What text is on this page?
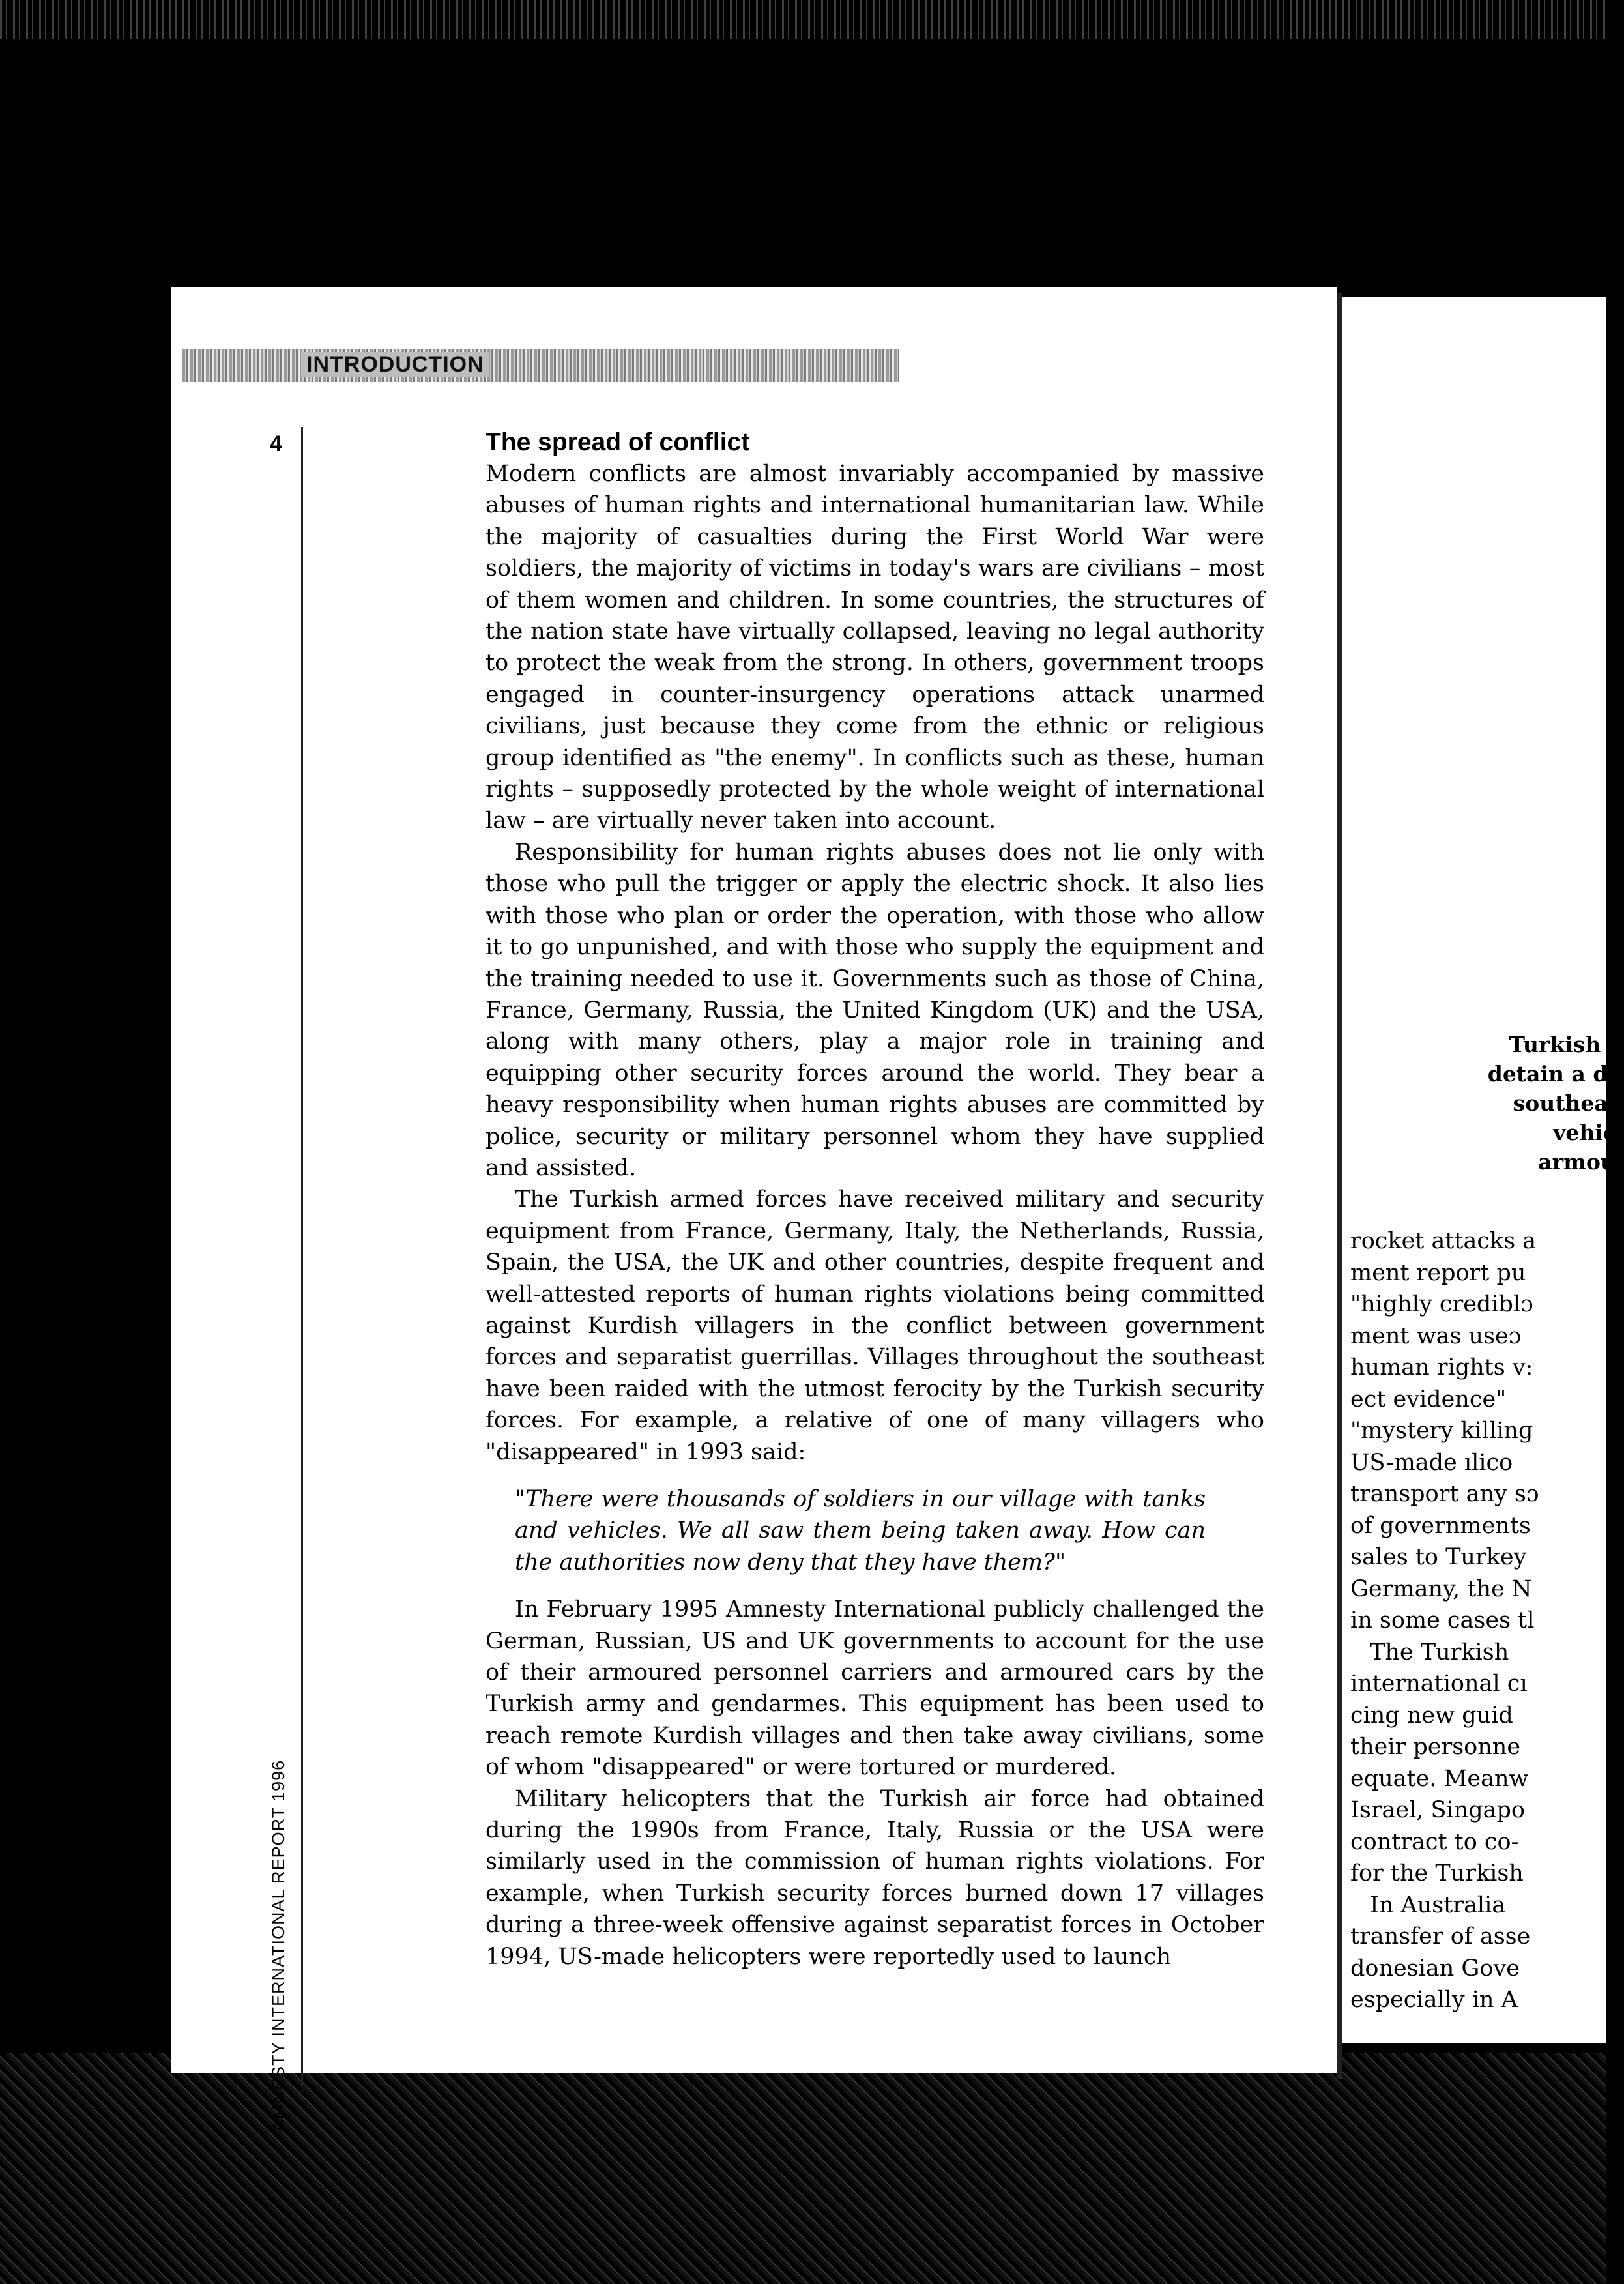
INTRODUCTION
4
AMNESTY INTERNATIONAL REPORT 1996
The spread of conflict

Modern conflicts are almost invariably accompanied by massive abuses of human rights and international humanitarian law. While the majority of casualties during the First World War were soldiers, the majority of victims in today's wars are civilians – most of them women and children. In some countries, the structures of the nation state have virtually collapsed, leaving no legal authority to protect the weak from the strong. In others, government troops engaged in counter-insurgency operations attack unarmed civilians, just because they come from the ethnic or religious group identified as "the enemy". In conflicts such as these, human rights – supposedly protected by the whole weight of international law – are virtually never taken into account.

Responsibility for human rights abuses does not lie only with those who pull the trigger or apply the electric shock. It also lies with those who plan or order the operation, with those who allow it to go unpunished, and with those who supply the equipment and the training needed to use it. Governments such as those of China, France, Germany, Russia, the United Kingdom (UK) and the USA, along with many others, play a major role in training and equipping other security forces around the world. They bear a heavy responsibility when human rights abuses are committed by police, security or military personnel whom they have supplied and assisted.

The Turkish armed forces have received military and security equipment from France, Germany, Italy, the Netherlands, Russia, Spain, the USA, the UK and other countries, despite frequent and well-attested reports of human rights violations being committed against Kurdish villagers in the conflict between government forces and separatist guerrillas. Villages throughout the southeast have been raided with the utmost ferocity by the Turkish security forces. For example, a relative of one of many villagers who "disappeared" in 1993 said:

"There were thousands of soldiers in our village with tanks and vehicles. We all saw them being taken away. How can the authorities now deny that they have them?"

In February 1995 Amnesty International publicly challenged the German, Russian, US and UK governments to account for the use of their armoured personnel carriers and armoured cars by the Turkish army and gendarmes. This equipment has been used to reach remote Kurdish villages and then take away civilians, some of whom "disappeared" or were tortured or murdered.

Military helicopters that the Turkish air force had obtained during the 1990s from France, Italy, Russia or the USA were similarly used in the commission of human rights violations. For example, when Turkish security forces burned down 17 villages during a three-week offensive against separatist forces in October 1994, US-made helicopters were reportedly used to launch

Turkish :
detain a dı
southea:
vehic
armou
rocket attacks a
ment report pu
"highly crediblɔ
ment was useɔ
human rights v:
ect evidence"
"mystery killinɡ
US-made ılico
transport any sɔ
of governments
sales to Turkey
Germany, the N
in some cases tl
The Turkish
international cı
cing new guid
their personne
equate. Meanw
Israel, Singapo
contract to co-
for the Turkish
In Australia
transfer of asse
donesian Gove
especially in A
